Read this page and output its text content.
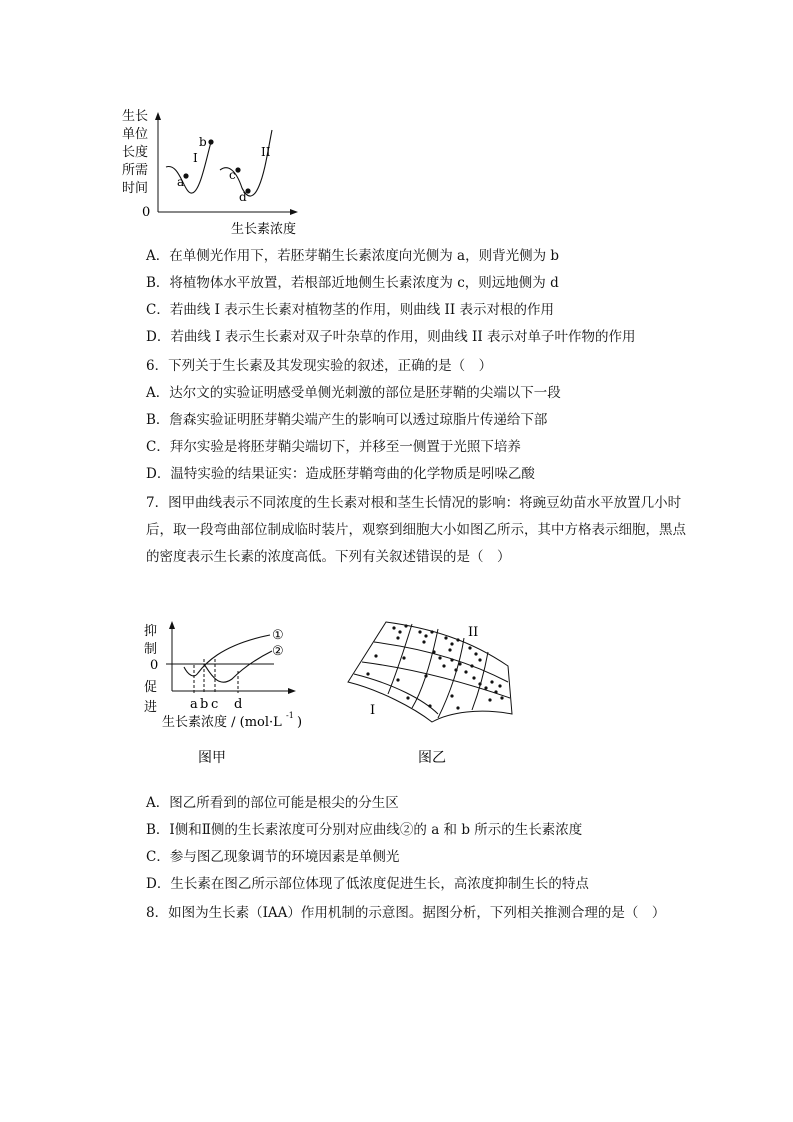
生长
单位
长度
所需
时间
0
a
b
c
d
I	II
生长素浓度
A．在单侧光作用下，若胚芽鞘生长素浓度向光侧为 a，则背光侧为 b
B．将植物体水平放置，若根部近地侧生长素浓度为 c，则远地侧为 d
C．若曲线 I 表示生长素对植物茎的作用，则曲线 II 表示对根的作用
D．若曲线 I 表示生长素对双子叶杂草的作用，则曲线 II 表示对单子叶作物的作用
6．下列关于生长素及其发现实验的叙述，正确的是（　）
A．达尔文的实验证明感受单侧光刺激的部位是胚芽鞘的尖端以下一段
B．詹森实验证明胚芽鞘尖端产生的影响可以透过琼脂片传递给下部
C．拜尔实验是将胚芽鞘尖端切下，并移至一侧置于光照下培养
D．温特实验的结果证实：造成胚芽鞘弯曲的化学物质是吲哚乙酸
7．图甲曲线表示不同浓度的生长素对根和茎生长情况的影响：将豌豆幼苗水平放置几小时
后，取一段弯曲部位制成临时装片，观察到细胞大小如图乙所示，其中方格表示细胞，黑点
的密度表示生长素的浓度高低。下列有关叙述错误的是（　）
抑
制
0
促
进	a b c d
①
②
生长素浓度 / (mol·L -1 )
图甲
II
I
图乙
A．图乙所看到的部位可能是根尖的分生区
B．Ⅰ侧和Ⅱ侧的生长素浓度可分别对应曲线②的 a 和 b 所示的生长素浓度
C．参与图乙现象调节的环境因素是单侧光
D．生长素在图乙所示部位体现了低浓度促进生长，高浓度抑制生长的特点
8．如图为生长素（IAA）作用机制的示意图。据图分析，下列相关推测合理的是（　）
